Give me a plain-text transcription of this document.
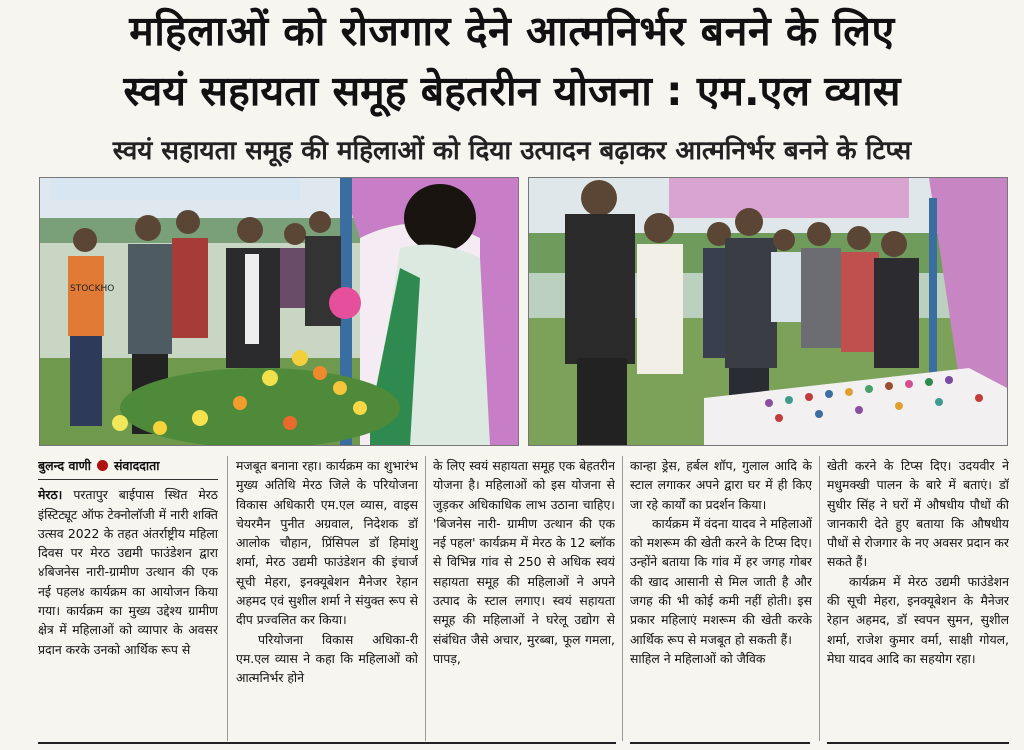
महिलाओं को रोजगार देने आत्मनिर्भर बनने के लिए
स्वयं सहायता समूह बेहतरीन योजना : एम.एल व्यास
स्वयं सहायता समूह की महिलाओं को दिया उत्पादन बढ़ाकर आत्मनिर्भर बनने के टिप्स
STOCKHO
बुलन्द वाणी संवाददाता

मेरठ। परतापुर बाईपास स्थित मेरठ इंस्टिट्यूट ऑफ टेक्नोलॉजी में नारी शक्ति उत्सव 2022 के तहत अंतर्राष्ट्रीय महिला दिवस पर मेरठ उद्यमी फाउंडेशन द्वारा ४बिजनेस नारी-ग्रामीण उत्थान की एक नई पहल४ कार्यक्रम का आयोजन किया गया। कार्यक्रम का मुख्य उद्देश्य ग्रामीण क्षेत्र में महिलाओं को व्यापार के अवसर प्रदान करके उनको आर्थिक रूप से

मजबूत बनाना रहा। कार्यक्रम का शुभारंभ मुख्य अतिथि मेरठ जिले के परियोजना विकास अधिकारी एम.एल व्यास, वाइस चेयरमैन पुनीत अग्रवाल, निदेशक डॉ आलोक चौहान, प्रिंसिपल डॉ हिमांशु शर्मा, मेरठ उद्यमी फाउंडेशन की इंचार्ज सूची मेहरा, इनक्यूबेशन मैनेजर रेहान अहमद एवं सुशील शर्मा ने संयुक्त रूप से दीप प्रज्वलित कर किया।

परियोजना विकास अधिका-री एम.एल व्यास ने कहा कि महिलाओं को आत्मनिर्भर होने

के लिए स्वयं सहायता समूह एक बेहतरीन योजना है। महिलाओं को इस योजना से जुड़कर अधिकाधिक लाभ उठाना चाहिए। 'बिजनेस नारी- ग्रामीण उत्थान की एक नई पहल' कार्यक्रम में मेरठ के 12 ब्लॉक से विभिन्न गांव से 250 से अधिक स्वयं सहायता समूह की महिलाओं ने अपने उत्पाद के स्टाल लगाए। स्वयं सहायता समूह की महिलाओं ने घरेलू उद्योग से संबंधित जैसे अचार, मुरब्बा, फूल गमला, पापड़,

कान्हा ड्रेस, हर्बल शॉप, गुलाल आदि के स्टाल लगाकर अपने द्वारा घर में ही किए जा रहे कार्यों का प्रदर्शन किया।

कार्यक्रम में वंदना यादव ने महिलाओं को मशरूम की खेती करने के टिप्स दिए। उन्होंने बताया कि गांव में हर जगह गोबर की खाद आसानी से मिल जाती है और जगह की भी कोई कमी नहीं होती। इस प्रकार महिलाएं मशरूम की खेती करके आर्थिक रूप से मजबूत हो सकती हैं।

साहिल ने महिलाओं को जैविक

खेती करने के टिप्स दिए। उदयवीर ने मधुमक्खी पालन के बारे में बताएं। डॉ सुधीर सिंह ने घरों में औषधीय पौधों की जानकारी देते हुए बताया कि औषधीय पौधों से रोजगार के नए अवसर प्रदान कर सकते हैं।

कार्यक्रम में मेरठ उद्यमी फाउंडेशन की सूची मेहरा, इनक्यूबेशन के मैनेजर रेहान अहमद, डॉ स्वपन सुमन, सुशील शर्मा, राजेश कुमार वर्मा, साक्षी गोयल, मेघा यादव आदि का सहयोग रहा।
